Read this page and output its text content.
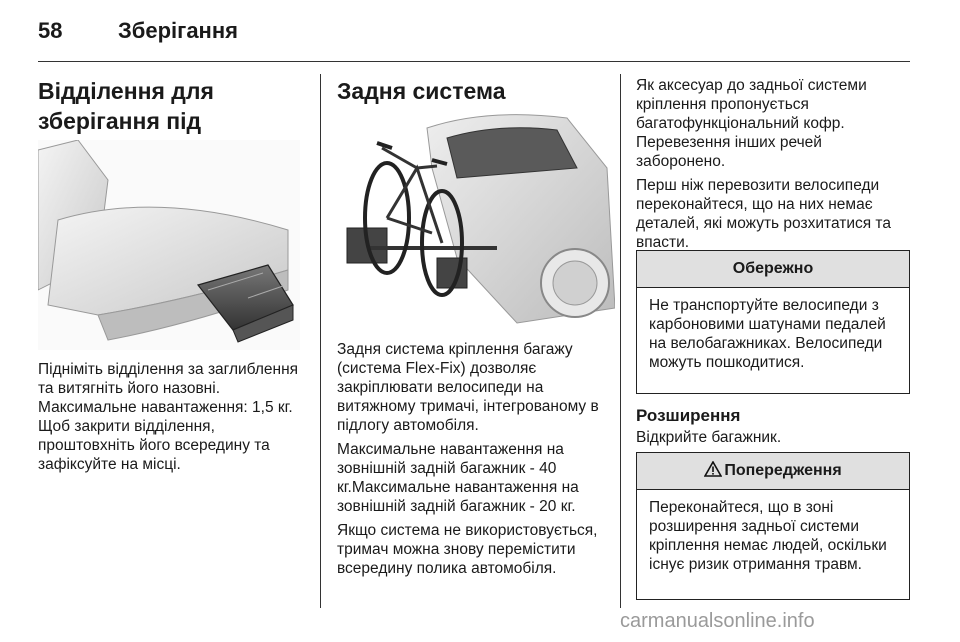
58	Зберігання
Відділення для
зберігання під
Підніміть відділення за заглиблення та витягніть його назовні. Максимальне навантаження: 1,5 кг. Щоб закрити відділення, проштовхніть його всередину та зафіксуйте на місці.
Задня система

Задня система кріплення багажу (система Flex-Fix) дозволяє закріплювати велосипеди на витяжному тримачі, інтегрованому в підлогу автомобіля.

Максимальне навантаження на зовнішній задній багажник - 40 кг.Максимальне навантаження на зовнішній задній багажник - 20 кг.

Якщо система не використовується, тримач можна знову перемістити всередину полика автомобіля.

Як аксесуар до задньої системи кріплення пропонується багатофункціональний кофр. Перевезення інших речей заборонено.

Перш ніж перевозити велосипеди переконайтеся, що на них немає деталей, які можуть розхитатися та впасти.

Обережно
Не транспортуйте велосипеди з карбоновими шатунами педалей на велобагажниках. Велосипеди можуть пошкодитися.
Розширення
Відкрийте багажник.
Попередження
Переконайтеся, що в зоні розширення задньої системи кріплення немає людей, оскільки існує ризик отримання травм.
carmanualsonline.info
